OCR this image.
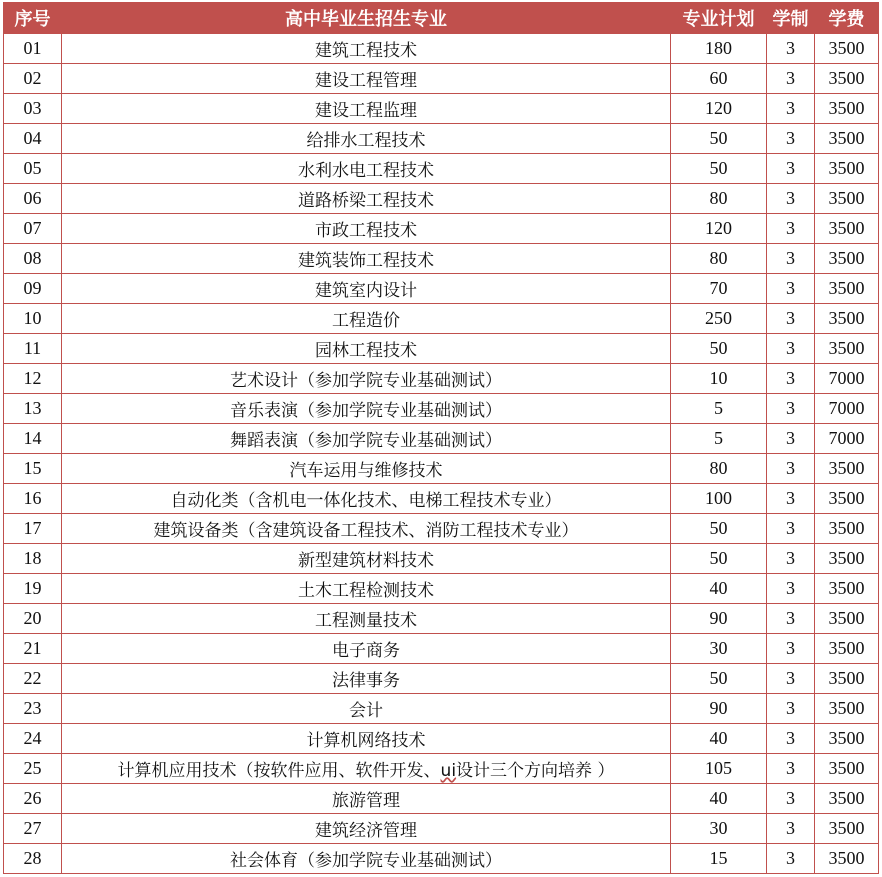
序号	高中毕业生招生专业	专业计划	学制	学费
01	建筑工程技术	180	3	3500
02	建设工程管理	60	3	3500
03	建设工程监理	120	3	3500
04	给排水工程技术	50	3	3500
05	水利水电工程技术	50	3	3500
06	道路桥梁工程技术	80	3	3500
07	市政工程技术	120	3	3500
08	建筑装饰工程技术	80	3	3500
09	建筑室内设计	70	3	3500
10	工程造价	250	3	3500
11	园林工程技术	50	3	3500
12	艺术设计（参加学院专业基础测试）	10	3	7000
13	音乐表演（参加学院专业基础测试）	5	3	7000
14	舞蹈表演（参加学院专业基础测试）	5	3	7000
15	汽车运用与维修技术	80	3	3500
16	自动化类（含机电一体化技术、电梯工程技术专业）	100	3	3500
17	建筑设备类（含建筑设备工程技术、消防工程技术专业）	50	3	3500
18	新型建筑材料技术	50	3	3500
19	土木工程检测技术	40	3	3500
20	工程测量技术	90	3	3500
21	电子商务	30	3	3500
22	法律事务	50	3	3500
23	会计	90	3	3500
24	计算机网络技术	40	3	3500
25	计算机应用技术（按软件应用、软件开发、ui设计三个方向培养 ）	105	3	3500
26	旅游管理	40	3	3500
27	建筑经济管理	30	3	3500
28	社会体育（参加学院专业基础测试）	15	3	3500
